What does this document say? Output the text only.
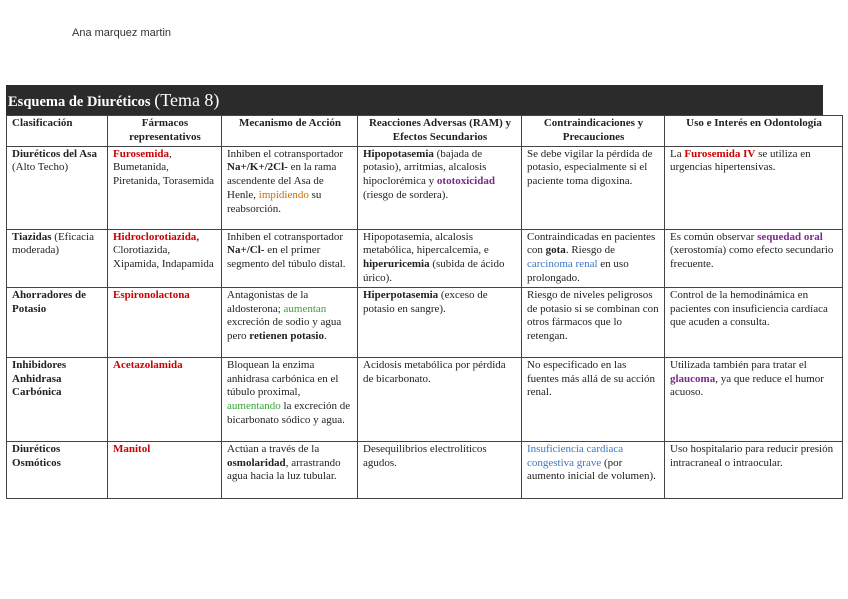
Ana marquez martin
Esquema de Diuréticos (Tema 8)
Clasificación	Fármacos representativos	Mecanismo de Acción	Reacciones Adversas (RAM) y Efectos Secundarios	Contraindicaciones y Precauciones	Uso e Interés en Odontología
Diuréticos del Asa (Alto Techo)	Furosemida, Bumetanida, Piretanida, Torasemida	Inhiben el cotransportador Na+/K+/2Cl- en la rama ascendente del Asa de Henle, impidiendo su reabsorción.	Hipopotasemia (bajada de potasio), arritmias, alcalosis hipoclorémica y ototoxicidad (riesgo de sordera).	Se debe vigilar la pérdida de potasio, especialmente si el paciente toma digoxina.	La Furosemida IV se utiliza en urgencias hipertensivas.
Tiazidas (Eficacia moderada)	Hidroclorotiazida, Clorotiazida, Xipamida, Indapamida	Inhiben el cotransportador Na+/Cl- en el primer segmento del túbulo distal.	Hipopotasemia, alcalosis metabólica, hipercalcemia, e hiperuricemia (subida de ácido úrico).	Contraindicadas en pacientes con gota. Riesgo de carcinoma renal en uso prolongado.	Es común observar sequedad oral (xerostomía) como efecto secundario frecuente.
Ahorradores de Potasio	Espironolactona	Antagonistas de la aldosterona; aumentan excreción de sodio y agua pero retienen potasio.	Hiperpotasemia (exceso de potasio en sangre).	Riesgo de niveles peligrosos de potasio si se combinan con otros fármacos que lo retengan.	Control de la hemodinámica en pacientes con insuficiencia cardíaca que acuden a consulta.
Inhibidores Anhidrasa Carbónica	Acetazolamida	Bloquean la enzima anhidrasa carbónica en el túbulo proximal, aumentando la excreción de bicarbonato sódico y agua.	Acidosis metabólica por pérdida de bicarbonato.	No especificado en las fuentes más allá de su acción renal.	Utilizada también para tratar el glaucoma, ya que reduce el humor acuoso.
Diuréticos Osmóticos	Manitol	Actúan a través de la osmolaridad, arrastrando agua hacia la luz tubular.	Desequilibrios electrolíticos agudos.	Insuficiencia cardiaca congestiva grave (por aumento inicial de volumen).	Uso hospitalario para reducir presión intracraneal o intraocular.
